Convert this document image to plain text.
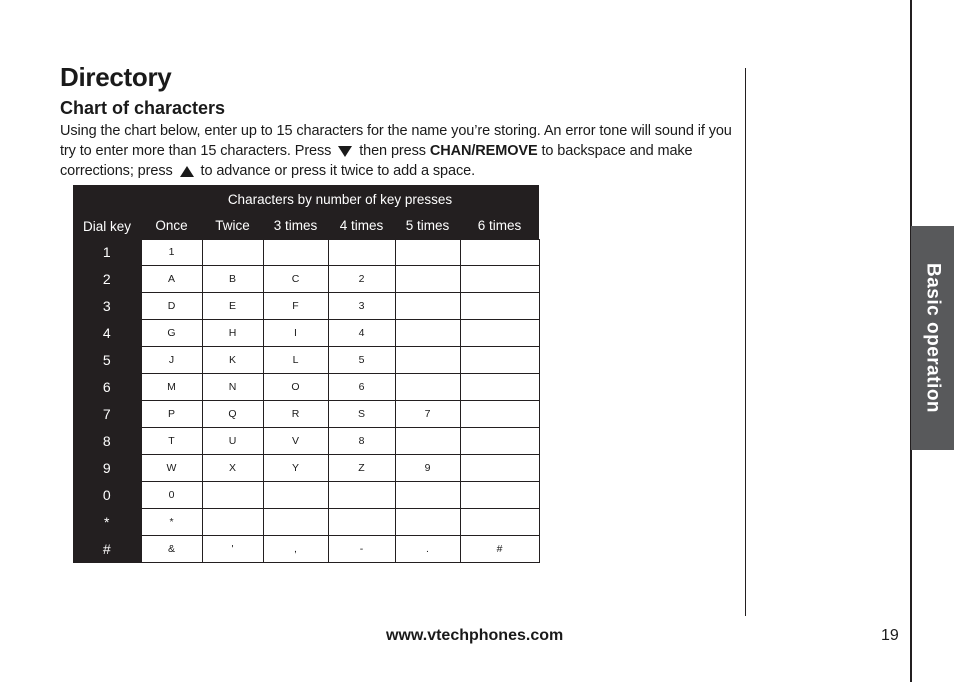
Directory
Chart of characters
Using the chart below, enter up to 15 characters for the name you’re storing. An error tone will sound if you try to enter more than 15 characters. Press then press CHAN/REMOVE to backspace and make corrections; press to advance or press it twice to add a space.
	Characters by number of key presses					
Dial key	Once	Twice	3 times	4 times	5 times	6 times
1	1					
2	A	B	C	2		
3	D	E	F	3		
4	G	H	I	4		
5	J	K	L	5		
6	M	N	O	6		
7	P	Q	R	S	7	
8	T	U	V	8		
9	W	X	Y	Z	9	
0	0					
*	*					
#	&	'	,	-	.	#
Basic operation
www.vtechphones.com	19
